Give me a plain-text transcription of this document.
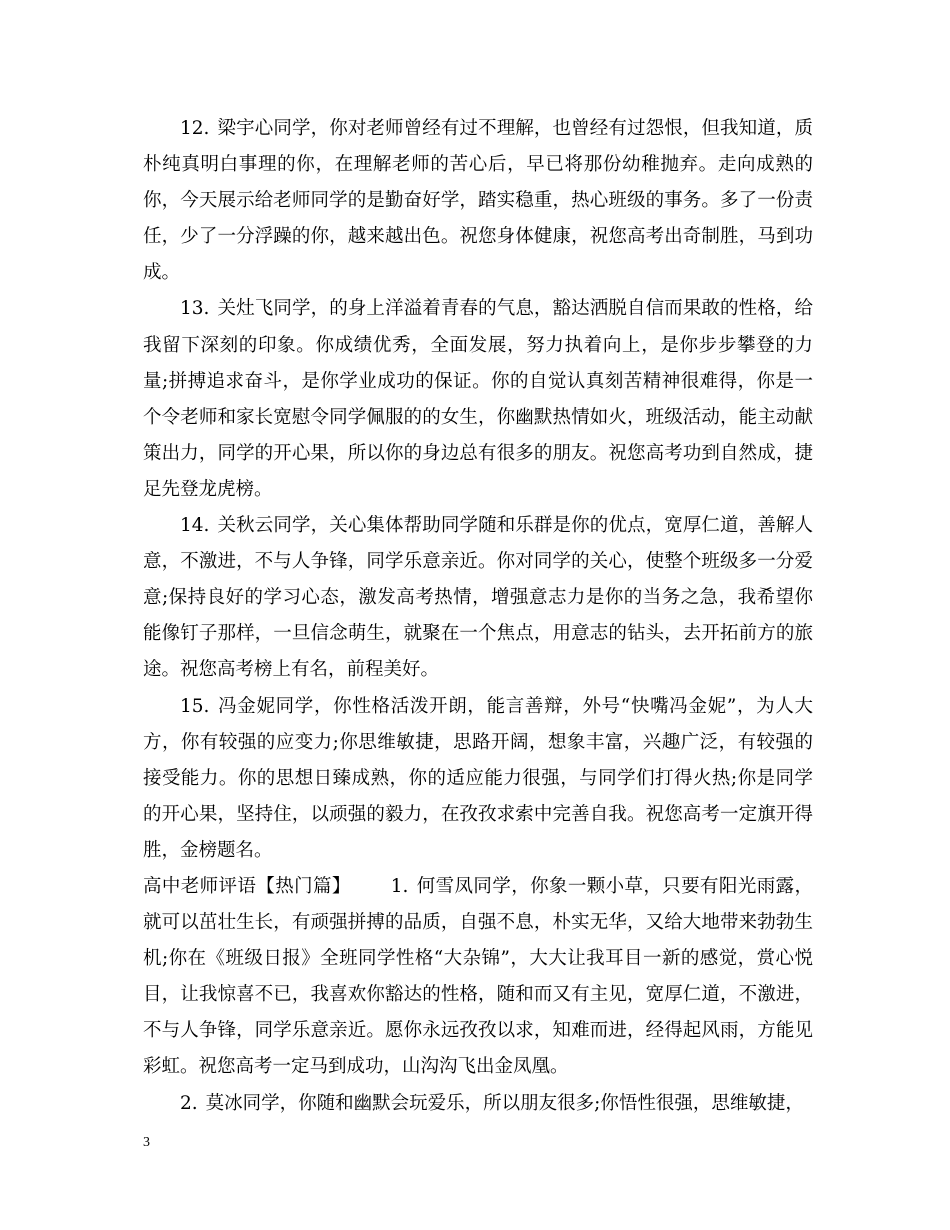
12. 梁宇心同学，你对老师曾经有过不理解，也曾经有过怨恨，但我知道，质朴纯真明白事理的你，在理解老师的苦心后，早已将那份幼稚抛弃。走向成熟的你，今天展示给老师同学的是勤奋好学，踏实稳重，热心班级的事务。多了一份责任，少了一分浮躁的你，越来越出色。祝您身体健康，祝您高考出奇制胜，马到功成。

13. 关灶飞同学，的身上洋溢着青春的气息，豁达洒脱自信而果敢的性格，给我留下深刻的印象。你成绩优秀，全面发展，努力执着向上，是你步步攀登的力量;拼搏追求奋斗，是你学业成功的保证。你的自觉认真刻苦精神很难得，你是一个令老师和家长宽慰令同学佩服的的女生，你幽默热情如火，班级活动，能主动献策出力，同学的开心果，所以你的身边总有很多的朋友。祝您高考功到自然成，捷足先登龙虎榜。

14. 关秋云同学，关心集体帮助同学随和乐群是你的优点，宽厚仁道，善解人意，不激进，不与人争锋，同学乐意亲近。你对同学的关心，使整个班级多一分爱意;保持良好的学习心态，激发高考热情，增强意志力是你的当务之急，我希望你能像钉子那样，一旦信念萌生，就聚在一个焦点，用意志的钻头，去开拓前方的旅途。祝您高考榜上有名，前程美好。

15. 冯金妮同学，你性格活泼开朗，能言善辩，外号“快嘴冯金妮”，为人大方，你有较强的应变力;你思维敏捷，思路开阔，想象丰富，兴趣广泛，有较强的接受能力。你的思想日臻成熟，你的适应能力很强，与同学们打得火热;你是同学的开心果，坚持住，以顽强的毅力，在孜孜求索中完善自我。祝您高考一定旗开得胜，金榜题名。

高中老师评语【热门篇】 1. 何雪凤同学，你象一颗小草，只要有阳光雨露，就可以茁壮生长，有顽强拼搏的品质，自强不息，朴实无华，又给大地带来勃勃生机;你在《班级日报》全班同学性格“大杂锦”，大大让我耳目一新的感觉，赏心悦目，让我惊喜不已，我喜欢你豁达的性格，随和而又有主见，宽厚仁道，不激进，不与人争锋，同学乐意亲近。愿你永远孜孜以求，知难而进，经得起风雨，方能见彩虹。祝您高考一定马到成功，山沟沟飞出金凤凰。

2. 莫冰同学，你随和幽默会玩爱乐，所以朋友很多;你悟性很强，思维敏捷，

3
